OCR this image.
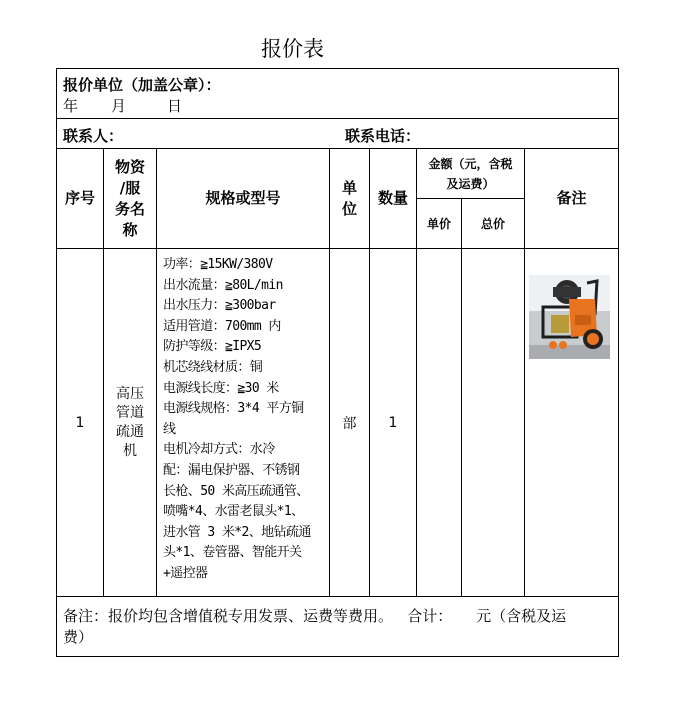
报价表
报价单位（加盖公章）：
年 月	日
联系人：	联系电话：
序号
物资
/服
务名
称
规格或型号
单
位
数量
金额（元，含税
及运费）
单价 总价
备注
1
高压
管道
疏通
机
功率：≧15KW/380V
出水流量：≧80L/min
出水压力：≧300bar
适用管道：700mm 内
防护等级：≧IPX5
机芯绕线材质：铜
电源线长度：≧30 米
电源线规格：3*4 平方铜
线
电机冷却方式：水冷
配：漏电保护器、不锈钢
长枪、50 米高压疏通管、
喷嘴*4、水雷老鼠头*1、
进水管 3 米*2、地钻疏通
头*1、卷管器、智能开关
+遥控器
部 1
备注：报价均包含增值税专用发票、运费等费用。   合计：     元（含税及运
费）
